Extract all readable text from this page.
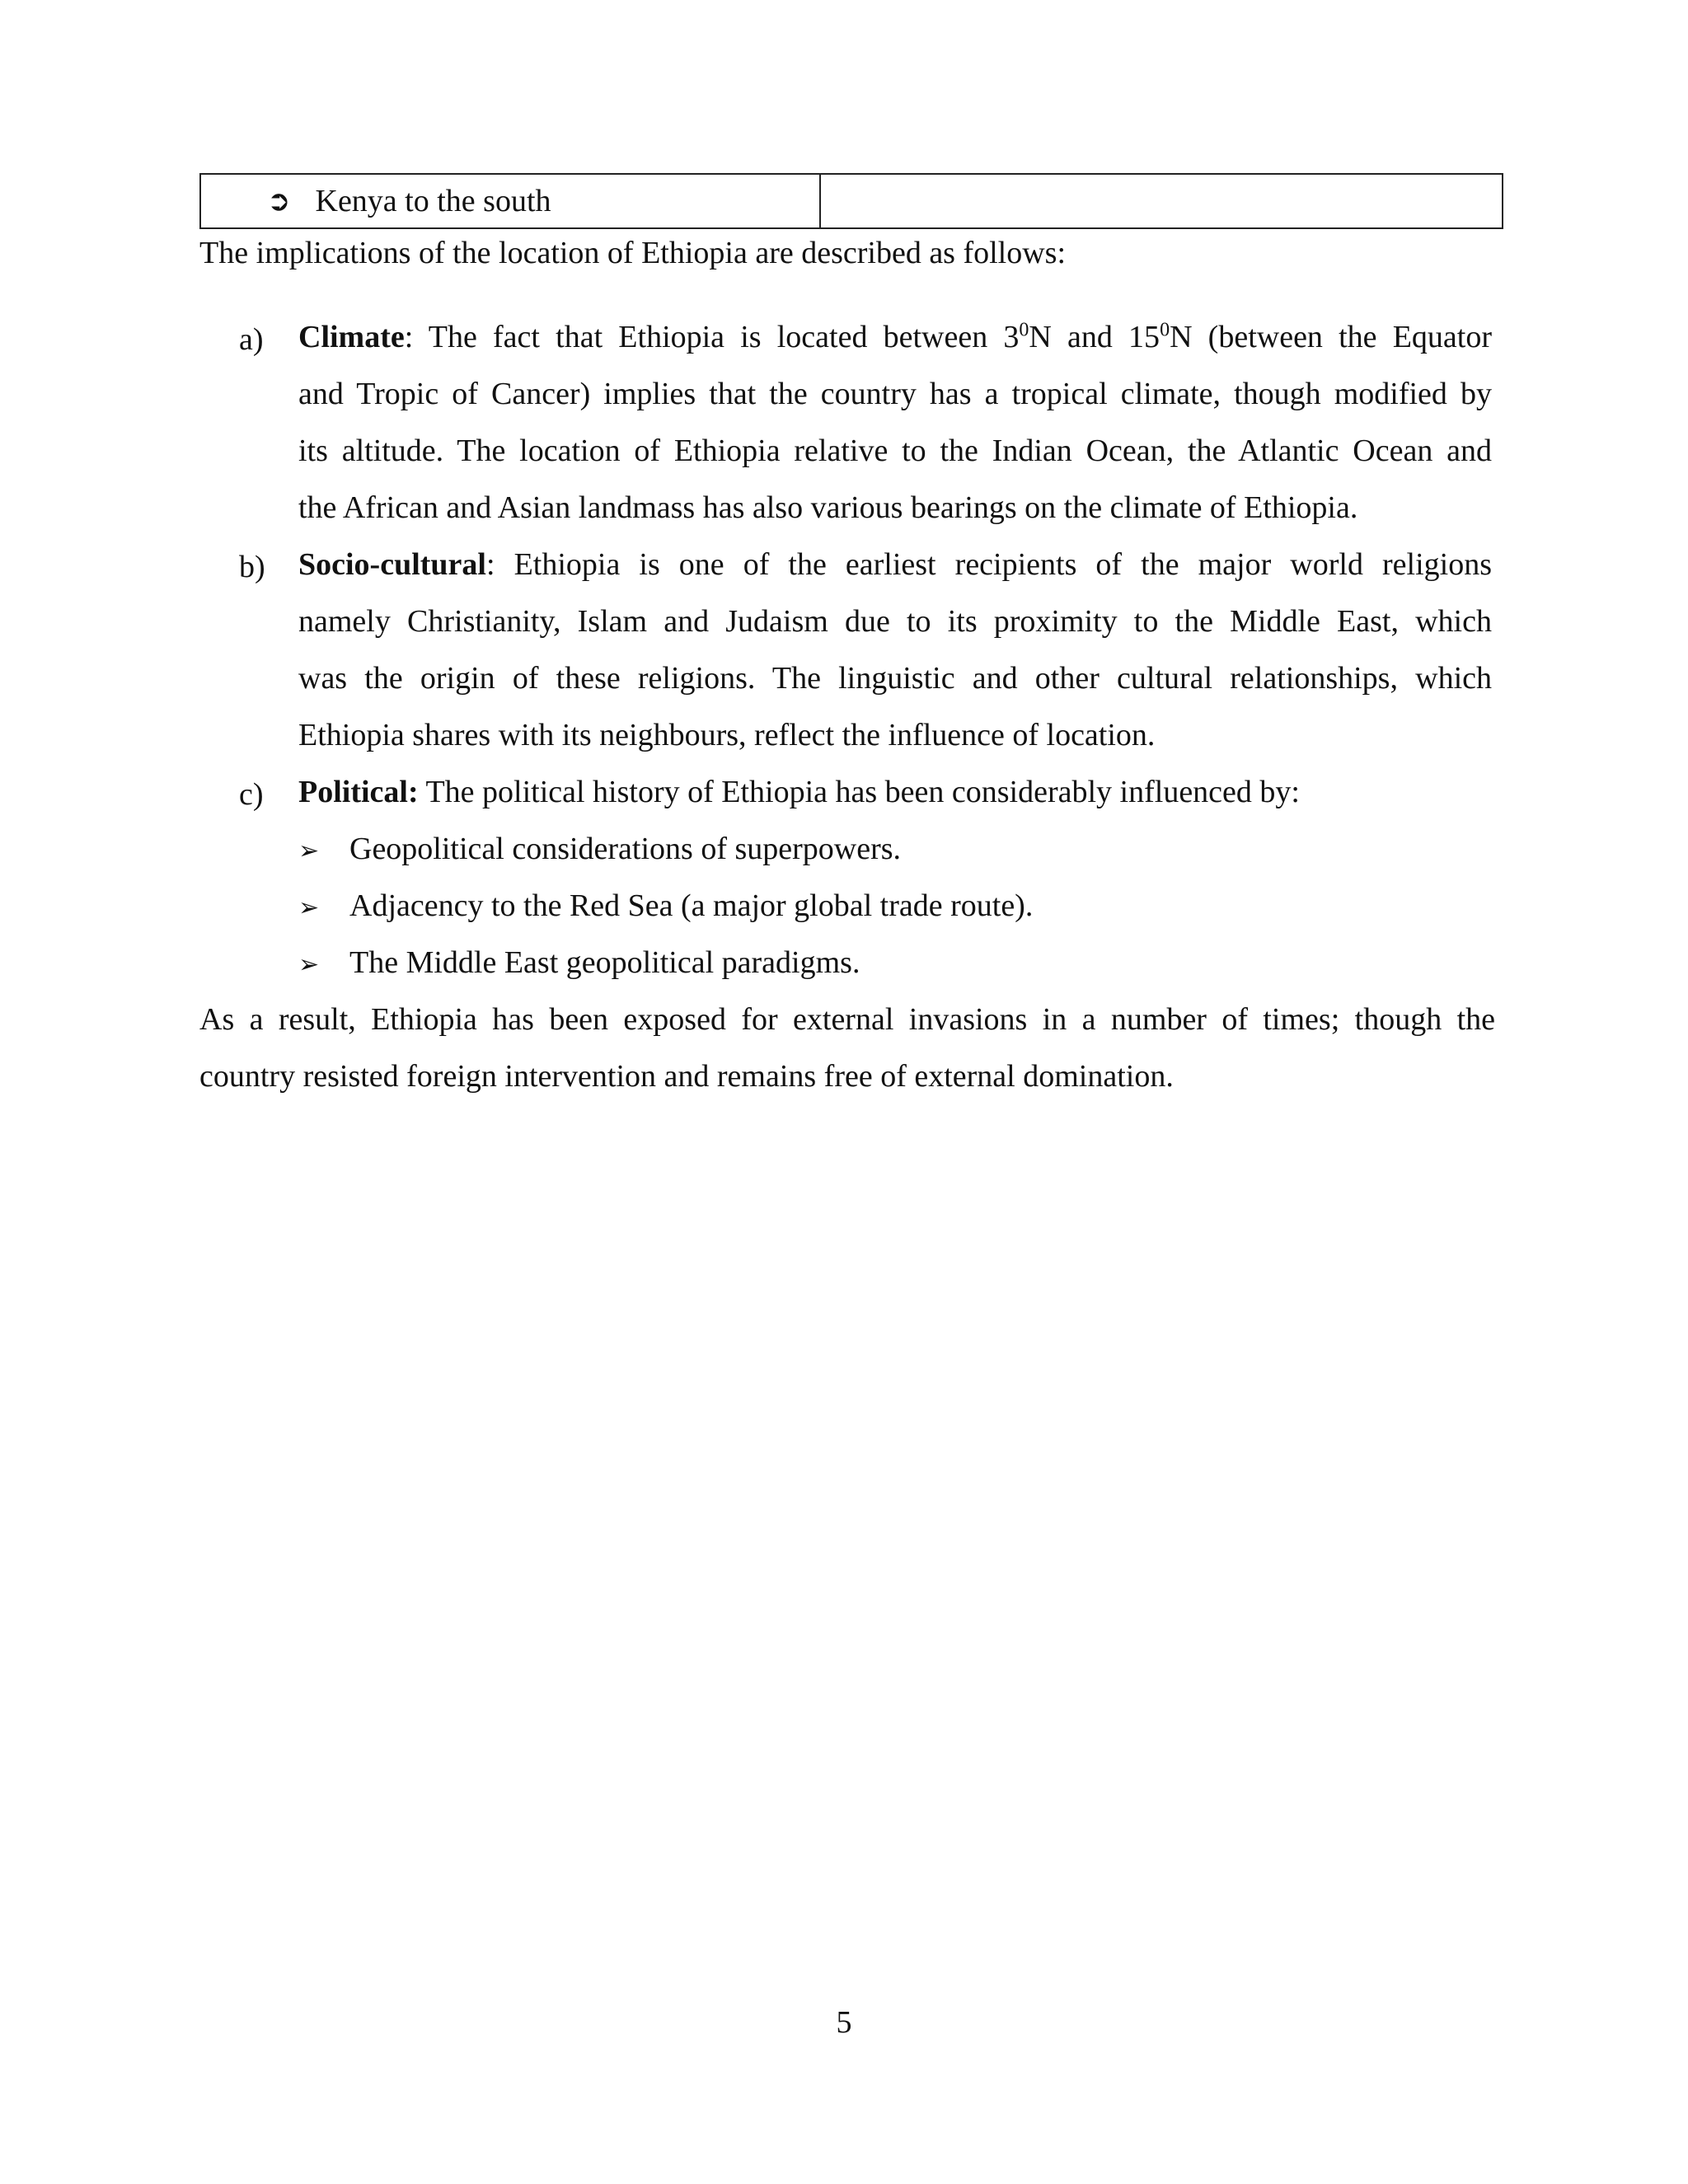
➲ Kenya to the south
The implications of the location of Ethiopia are described as follows:
a)	Climate: The fact that Ethiopia is located between $3^0N$ and $15^0N$ (between the Equator
and Tropic of Cancer) implies that the country has a tropical climate, though modified by
its altitude. The location of Ethiopia relative to the Indian Ocean, the Atlantic Ocean and
the African and Asian landmass has also various bearings on the climate of Ethiopia.
b)	Socio-cultural: Ethiopia is one of the earliest recipients of the major world religions
namely Christianity, Islam and Judaism due to its proximity to the Middle East, which
was the origin of these religions. The linguistic and other cultural relationships, which
Ethiopia shares with its neighbours, reflect the influence of location.
c)	Political: The political history of Ethiopia has been considerably influenced by:
➢ Geopolitical considerations of superpowers.
➢ Adjacency to the Red Sea (a major global trade route).
➢ The Middle East geopolitical paradigms.
As a result, Ethiopia has been exposed for external invasions in a number of times; though the
country resisted foreign intervention and remains free of external domination.
5
